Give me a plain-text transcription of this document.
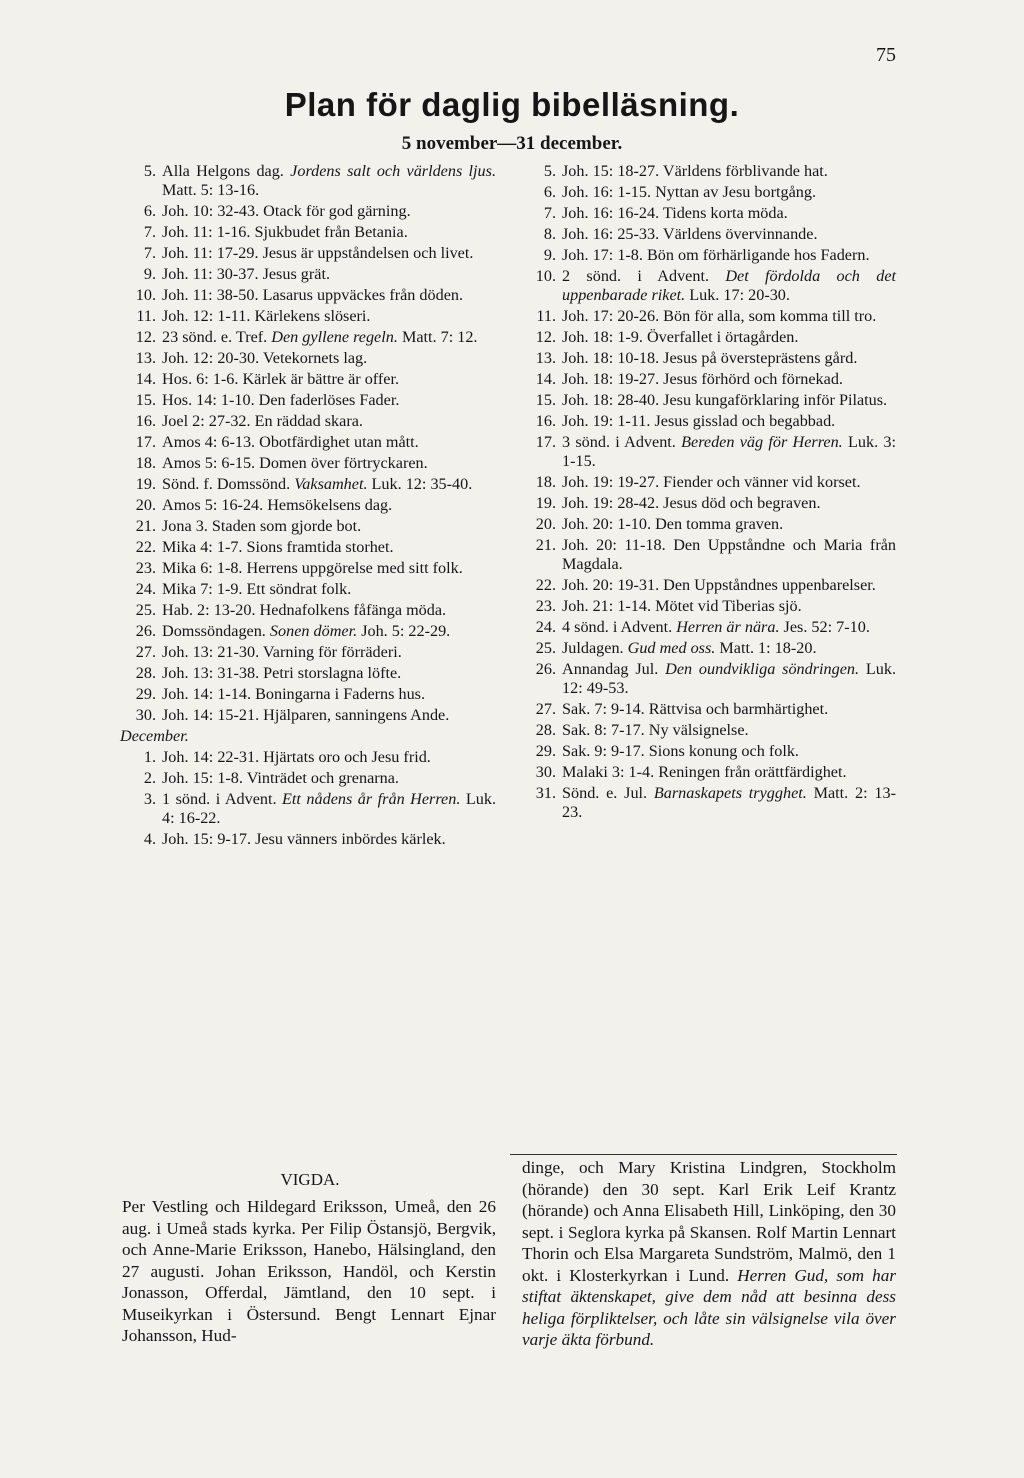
75
Plan för daglig bibelläsning.
5 november—31 december.
5. Alla Helgons dag. Jordens salt och världens ljus. Matt. 5: 13-16.
6. Joh. 10: 32-43. Otack för god gärning.
7. Joh. 11: 1-16. Sjukbudet från Betania.
7. Joh. 11: 17-29. Jesus är uppståndelsen och livet.
9. Joh. 11: 30-37. Jesus grät.
10. Joh. 11: 38-50. Lasarus uppväckes från döden.
11. Joh. 12: 1-11. Kärlekens slöseri.
12. 23 sönd. e. Tref. Den gyllene regeln. Matt. 7: 12.
13. Joh. 12: 20-30. Vetekornets lag.
14. Hos. 6: 1-6. Kärlek är bättre är offer.
15. Hos. 14: 1-10. Den faderlöses Fader.
16. Joel 2: 27-32. En räddad skara.
17. Amos 4: 6-13. Obotfärdighet utan mått.
18. Amos 5: 6-15. Domen över förtryckaren.
19. Sönd. f. Domssönd. Vaksamhet. Luk. 12: 35-40.
20. Amos 5: 16-24. Hemsökelsens dag.
21. Jona 3. Staden som gjorde bot.
22. Mika 4: 1-7. Sions framtida storhet.
23. Mika 6: 1-8. Herrens uppgörelse med sitt folk.
24. Mika 7: 1-9. Ett söndrat folk.
25. Hab. 2: 13-20. Hednafolkens fåfänga möda.
26. Domssöndagen. Sonen dömer. Joh. 5: 22-29.
27. Joh. 13: 21-30. Varning för förräderi.
28. Joh. 13: 31-38. Petri storslagna löfte.
29. Joh. 14: 1-14. Boningarna i Faderns hus.
30. Joh. 14: 15-21. Hjälparen, sanningens Ande.
December.
1. Joh. 14: 22-31. Hjärtats oro och Jesu frid.
2. Joh. 15: 1-8. Vinträdet och grenarna.
3. 1 sönd. i Advent. Ett nådens år från Herren. Luk. 4: 16-22.
4. Joh. 15: 9-17. Jesu vänners inbördes kärlek.
5. Joh. 15: 18-27. Världens förblivande hat.
6. Joh. 16: 1-15. Nyttan av Jesu bortgång.
7. Joh. 16: 16-24. Tidens korta möda.
8. Joh. 16: 25-33. Världens övervinnande.
9. Joh. 17: 1-8. Bön om förhärligande hos Fadern.
10. 2 sönd. i Advent. Det fördolda och det uppenbarade riket. Luk. 17: 20-30.
11. Joh. 17: 20-26. Bön för alla, som komma till tro.
12. Joh. 18: 1-9. Överfallet i örtagården.
13. Joh. 18: 10-18. Jesus på översteprästens gård.
14. Joh. 18: 19-27. Jesus förhörd och förnekad.
15. Joh. 18: 28-40. Jesu kungaförklaring inför Pilatus.
16. Joh. 19: 1-11. Jesus gisslad och begabbad.
17. 3 sönd. i Advent. Bereden väg för Herren. Luk. 3: 1-15.
18. Joh. 19: 19-27. Fiender och vänner vid korset.
19. Joh. 19: 28-42. Jesus död och begraven.
20. Joh. 20: 1-10. Den tomma graven.
21. Joh. 20: 11-18. Den Uppståndne och Maria från Magdala.
22. Joh. 20: 19-31. Den Uppståndnes uppenbarelser.
23. Joh. 21: 1-14. Mötet vid Tiberias sjö.
24. 4 sönd. i Advent. Herren är nära. Jes. 52: 7-10.
25. Juldagen. Gud med oss. Matt. 1: 18-20.
26. Annandag Jul. Den oundvikliga söndringen. Luk. 12: 49-53.
27. Sak. 7: 9-14. Rättvisa och barmhärtighet.
28. Sak. 8: 7-17. Ny välsignelse.
29. Sak. 9: 9-17. Sions konung och folk.
30. Malaki 3: 1-4. Reningen från orättfärdighet.
31. Sönd. e. Jul. Barnaskapets trygghet. Matt. 2: 13-23.
VIGDA.
Per Vestling och Hildegard Eriksson, Umeå, den 26 aug. i Umeå stads kyrka. Per Filip Östansjö, Bergvik, och Anne-Marie Eriksson, Hanebo, Hälsingland, den 27 augusti. Johan Eriksson, Handöl, och Kerstin Jonasson, Offerdal, Jämtland, den 10 sept. i Museikyrkan i Östersund. Bengt Lennart Ejnar Johansson, Hud-
dinge, och Mary Kristina Lindgren, Stockholm (hörande) den 30 sept. Karl Erik Leif Krantz (hörande) och Anna Elisabeth Hill, Linköping, den 30 sept. i Seglora kyrka på Skansen. Rolf Martin Lennart Thorin och Elsa Margareta Sundström, Malmö, den 1 okt. i Klosterkyrkan i Lund. Herren Gud, som har stiftat äktenskapet, give dem nåd att besinna dess heliga förpliktelser, och låte sin välsignelse vila över varje äkta förbund.
